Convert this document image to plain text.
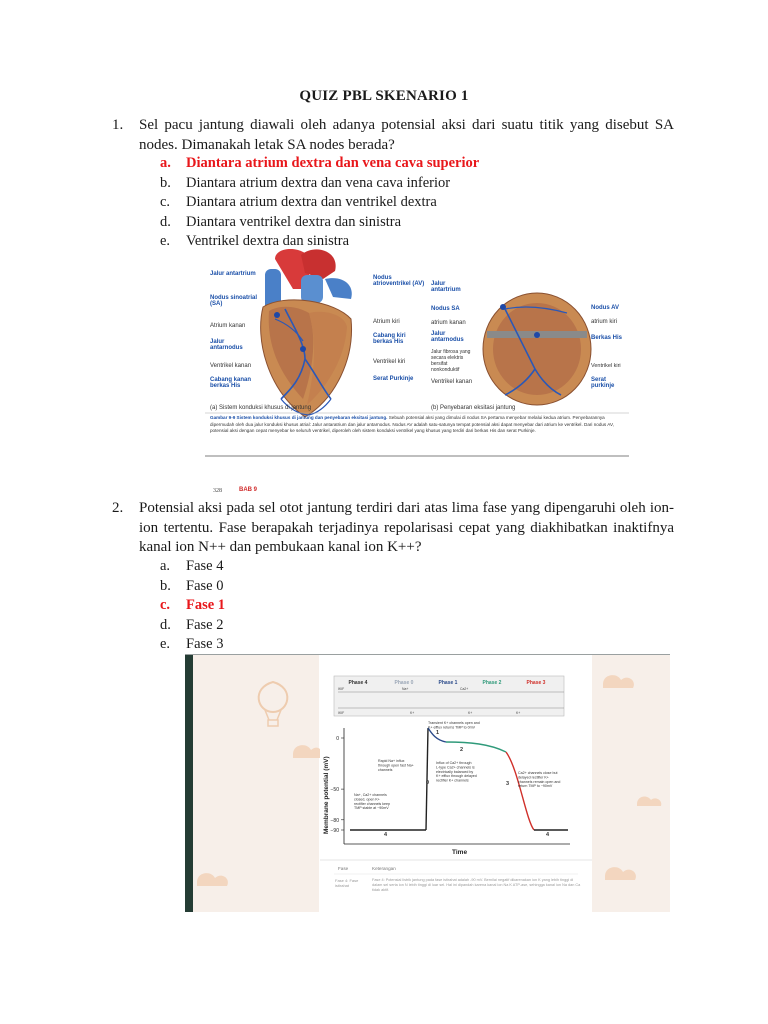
QUIZ PBL SKENARIO 1
1. Sel pacu jantung diawali oleh adanya potensial aksi dari suatu titik yang disebut SA nodes. Dimanakah letak SA nodes berada?
a. Diantara atrium dextra dan vena cava superior
b. Diantara atrium dextra dan vena cava inferior
c. Diantara atrium dextra dan ventrikel dextra
d. Diantara ventrikel dextra dan sinistra
e. Ventrikel dextra dan sinistra
Jalur antartrium
Nodus sinoatrial (SA)
Atrium kanan
Jalur antarnodus
Ventrikel kanan
Cabang kanan berkas His
Nodus atrioventrikel (AV)
Atrium kiri
Cabang kiri berkas His
Ventrikel kiri
Serat Purkinje
Jalur antartrium
Nodus SA
atrium kanan
Jalur antarnodus
Jalur fibrosa yang secara elektris bersifat nonkonduktif
Ventrikel kanan
Nodus AV
atrium kiri
Berkas His
Ventrikel kiri
Serat purkinje
(a) Sistem konduksi khusus di jantung	(b) Penyebaran eksitasi jantung
Gambar 9-9 Sistem konduksi khusus di jantung dan penyebaran eksitasi jantung. Sebuah potensial aksi yang dimulai di nodus SA pertama menyebar melalui kedua atrium. Penyebarannya dipermudah oleh dua jalur konduksi khusus atrial: Jalur antaratrium dan jalur antarnodus. Nodus AV adalah satu-satunya tempat potensial aksi dapat menyebar dari atrium ke ventrikel. Dari nodus AV, potensial aksi dengan cepat menyebar ke seluruh ventrikel, diperoleh oleh sistem konduksi ventrikel yang khusus yang terdiri dari berkas His dan serat Purkinje.
328	BAB 9
2. Potensial aksi pada sel otot jantung terdiri dari atas lima fase yang dipengaruhi oleh ion-ion tertentu. Fase berapakah terjadinya repolarisasi cepat yang diakhibatkan inaktifnya kanal ion N++ dan pembukaan kanal ion K++?
a. Fase 4
b. Fase 0
c. Fase 1
d. Fase 2
e. Fase 3
Phase 4	Phase 0	Phase 1	Phase 2	Phase 3
IKIF	Na+	Ca2+
IKIF	K+	K+	K+
0
−50
−80
−90
4
0
1
2
3
4
Membrane potential (mV)
Time
Transient K+ channels open and
K+ efflux returns TMP to 0mV
Rapid Na+ influx
through open fast Na+
channels
Influx of Ca2+ through
L-type Ca2+ channels is
electrically balanced by
K+ efflux through delayed
rectifier K+ channels
Ca2+ channels close but
delayed rectifier K+
channels remain open and
return TMP to −90mV
Na+, Ca2+ channels
closed, open K+
rectifier channels keep
TMP stable at −90mV
Fase	Keterangan
Fase 4: Fase istirahat
Fase 4: Potensial listrik jantung pada fase istirahat adalah -90 mV. Bernilai negatif dikarenakan ion K yang lebih tinggi di dalam sel serta ion N lebih tinggi di luar sel. Hal ini dipandah karena kanal ion Na K ATP-ase, sehingga kanal ion Na dan Ca tidak aktif.
